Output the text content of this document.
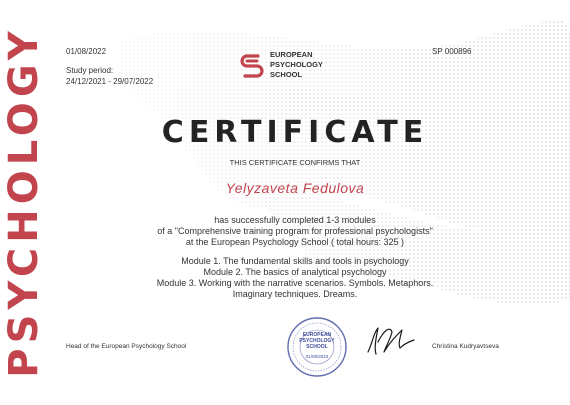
PSYCHOLOGY 01/08/2022
Study period:
24/12/2021 - 29/07/2022
SP 000896
EUROPEAN
PSYCHOLOGY
SCHOOL
CERTIFICATE
THIS CERTIFICATE CONFIRMS THAT
Yelyzaveta Fedulova
has successfully completed 1-3 modules
of a "Comprehensive training program for professional psychologists"
at the European Psychology School ( total hours: 325 )
Module 1. The fundamental skills and tools in psychology
Module 2. The basics of analytical psychology
Module 3. Working with the narrative scenarios. Symbols. Metaphors.
Imaginary techniques. Dreams.
Head of the European Psychology School
EUROPEAN
PSYCHOLOGY
SCHOOL
01/08/2022
Christina Kudryavtseva
